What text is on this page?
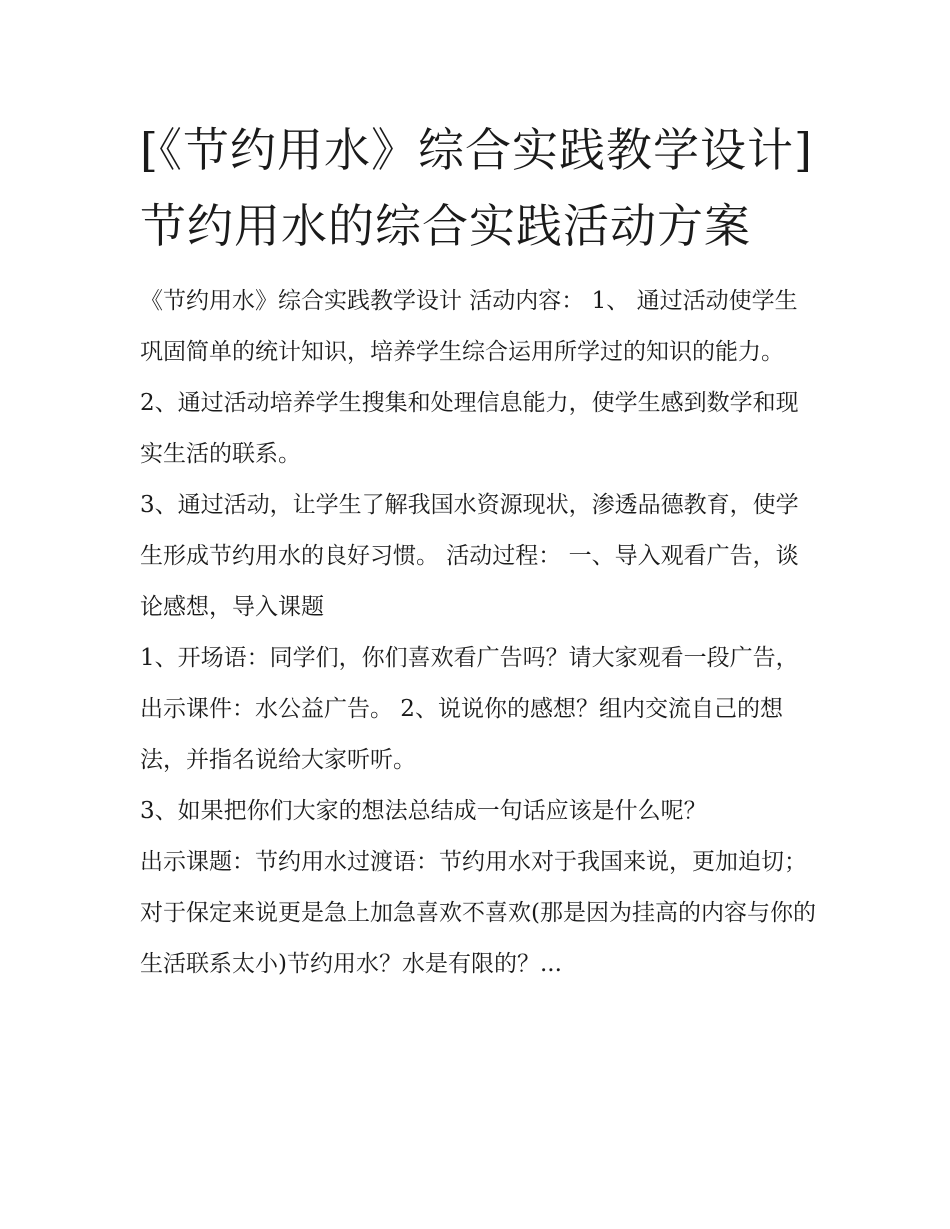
[《节约用水》综合实践教学设计] 节约用水的综合实践活动方案

《节约用水》综合实践教学设计 活动内容： 1、 通过活动使学生巩固简单的统计知识，培养学生综合运用所学过的知识的能力。

2、通过活动培养学生搜集和处理信息能力，使学生感到数学和现实生活的联系。

3、通过活动，让学生了解我国水资源现状，渗透品德教育，使学生形成节约用水的良好习惯。 活动过程： 一、导入观看广告，谈论感想，导入课题

1、开场语：同学们，你们喜欢看广告吗？请大家观看一段广告，出示课件：水公益广告。 2、说说你的感想？组内交流自己的想法，并指名说给大家听听。

3、如果把你们大家的想法总结成一句话应该是什么呢？

出示课题：节约用水过渡语：节约用水对于我国来说，更加迫切；对于保定来说更是急上加急喜欢不喜欢(那是因为挂高的内容与你的生活联系太小)节约用水？水是有限的？...
